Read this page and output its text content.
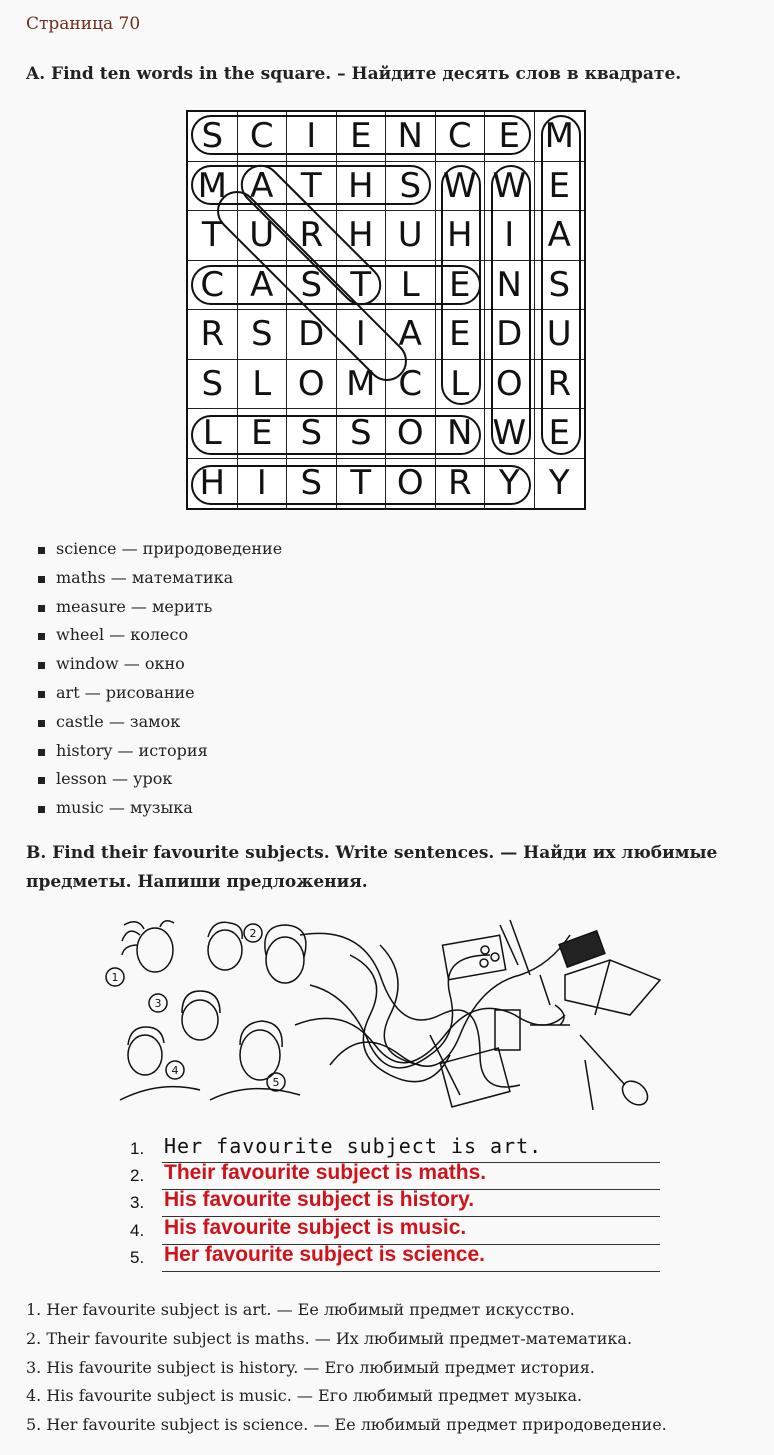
Страница 70
A. Find ten words in the square. – Найдите десять слов в квадрате.
S C I E N C E M
M A T H S W W E
T U R H U H I A
C A S T L E N S
R S D I A E D U
S L O M C L O R
L E S S O N W E
H I S T O R Y Y
science — природоведение
maths — математика
measure — мерить
wheel — колесо
window — окно
art — рисование
castle — замок
history — история
lesson — урок
music — музыка
B. Find their favourite subjects. Write sentences. — Найди их любимые предметы. Напиши предложения.
1
2
3
4
5
1. Her favourite subject is art.
2. Their favourite subject is maths.
3. His favourite subject is history.
4. His favourite subject is music.
5. Her favourite subject is science.
1. Her favourite subject is art. — Ее любимый предмет искусство.
2. Their favourite subject is maths. — Их любимый предмет-математика.
3. His favourite subject is history. — Его любимый предмет история.
4. His favourite subject is music. — Его любимый предмет музыка.
5. Her favourite subject is science. — Ее любимый предмет природоведение.
